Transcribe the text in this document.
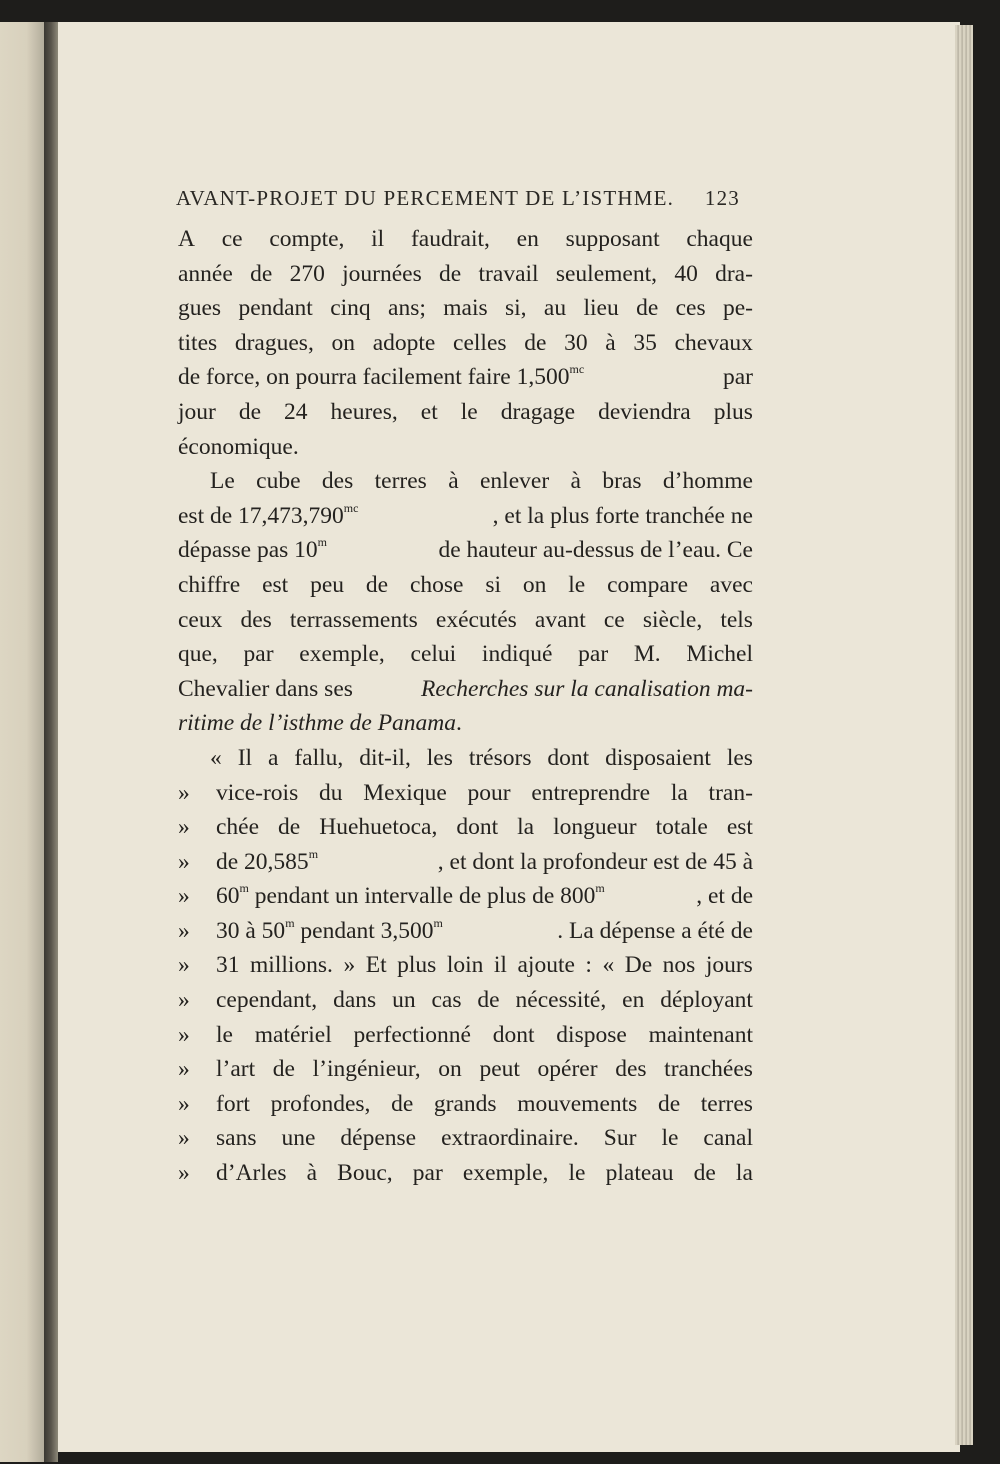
AVANT-PROJET DU PERCEMENT DE L’ISTHME. 123
A ce compte, il faudrait, en supposant chaque
année de 270 journées de travail seulement, 40 dra-
gues pendant cinq ans; mais si, au lieu de ces pe-
tites dragues, on adopte celles de 30 à 35 chevaux
de force, on pourra facilement faire $1,500^{mc}$	par
jour de 24 heures, et le dragage deviendra plus
économique.
Le cube des terres à enlever à bras d’homme
est de $17,473,790^{mc}$	, et la plus forte tranchée ne
dépasse pas 10$^m$	de hauteur au-dessus de l’eau. Ce
chiffre est peu de chose si on le compare avec
ceux des terrassements exécutés avant ce siècle, tels
que, par exemple, celui indiqué par M. Michel
Chevalier dans ses	Recherches sur la canalisation ma-
ritime de l’isthme de Panama .
« Il a fallu, dit-il, les trésors dont disposaient les
»	vice-rois du Mexique pour entreprendre la tran-
»	chée de Huehuetoca, dont la longueur totale est
»	de 20,585$^m$	, et dont la profondeur est de 45 à
»	60$^m$ pendant un intervalle de plus de 800$^m$	, et de
»	30 à 50$^m$ pendant 3,500$^m$	. La dépense a été de
»	31 millions. » Et plus loin il ajoute : « De nos jours
»	cependant, dans un cas de nécessité, en déployant
»	le matériel perfectionné dont dispose maintenant
»	l’art de l’ingénieur, on peut opérer des tranchées
»	fort profondes, de grands mouvements de terres
»	sans une dépense extraordinaire. Sur le canal
»	d’Arles à Bouc, par exemple, le plateau de la
